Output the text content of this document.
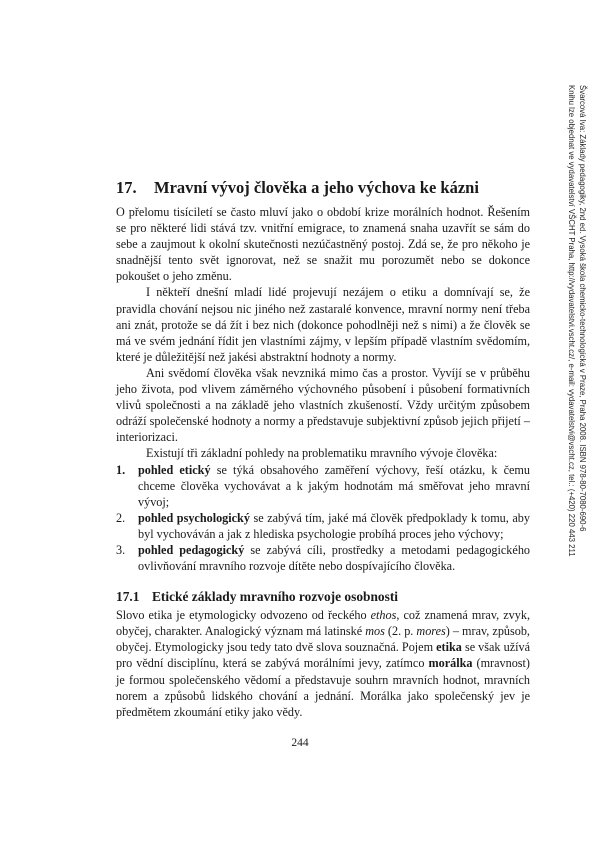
Švarcová Iva: Základy pedagogiky, 2nd ed. Vysoká škola chemicko-technologická v Praze, Praha 2008. ISBN 978-80-7080-690-6
Knihu lze objednat ve vydavatelství VŠCHT Praha, http://vydavatelstvi.vscht.cz/, e-mail: vydavatelstvi@vscht.cz, tel.: (+420) 220 443 211
17. Mravní vývoj člověka a jeho výchova ke kázni

O přelomu tisíciletí se často mluví jako o období krize morálních hodnot. Řešením se pro některé lidi stává tzv. vnitřní emigrace, to znamená snaha uzavřít se sám do sebe a zaujmout k okolní skutečnosti nezúčastněný postoj. Zdá se, že pro někoho je snadnější tento svět ignorovat, než se snažit mu porozumět nebo se dokonce pokoušet o jeho změnu.

I někteří dnešní mladí lidé projevují nezájem o etiku a domnívají se, že pravidla chování nejsou nic jiného než zastaralé konvence, mravní normy není třeba ani znát, protože se dá žít i bez nich (dokonce pohodlněji než s nimi) a že člověk se má ve svém jednání řídit jen vlastními zájmy, v lepším případě vlastním svědomím, které je důležitější než jakési abstraktní hodnoty a normy.

Ani svědomí člověka však nevzniká mimo čas a prostor. Vyvíjí se v průběhu jeho života, pod vlivem záměrného výchovného působení i působení formativních vlivů společnosti a na základě jeho vlastních zkušeností. Vždy určitým způsobem odráží společenské hodnoty a normy a představuje subjektivní způsob jejich přijetí – interiorizaci.

Existují tři základní pohledy na problematiku mravního vývoje člověka:

1. pohled etický se týká obsahového zaměření výchovy, řeší otázku, k čemu chceme člověka vychovávat a k jakým hodnotám má směřovat jeho mravní vývoj;
2. pohled psychologický se zabývá tím, jaké má člověk předpoklady k tomu, aby byl vychováván a jak z hlediska psychologie probíhá proces jeho výchovy;
3. pohled pedagogický se zabývá cíli, prostředky a metodami pedagogického ovlivňování mravního rozvoje dítěte nebo dospívajícího člověka.
17.1 Etické základy mravního rozvoje osobnosti

Slovo etika je etymologicky odvozeno od řeckého ethos, což znamená mrav, zvyk, obyčej, charakter. Analogický význam má latinské mos (2. p. mores) – mrav, způsob, obyčej. Etymologicky jsou tedy tato dvě slova souznačná. Pojem etika se však užívá pro vědní disciplínu, která se zabývá morálními jevy, zatímco morálka (mravnost) je formou společenského vědomí a představuje souhrn mravních hodnot, mravních norem a způsobů lidského chování a jednání. Morálka jako společenský jev je předmětem zkoumání etiky jako vědy.

244
